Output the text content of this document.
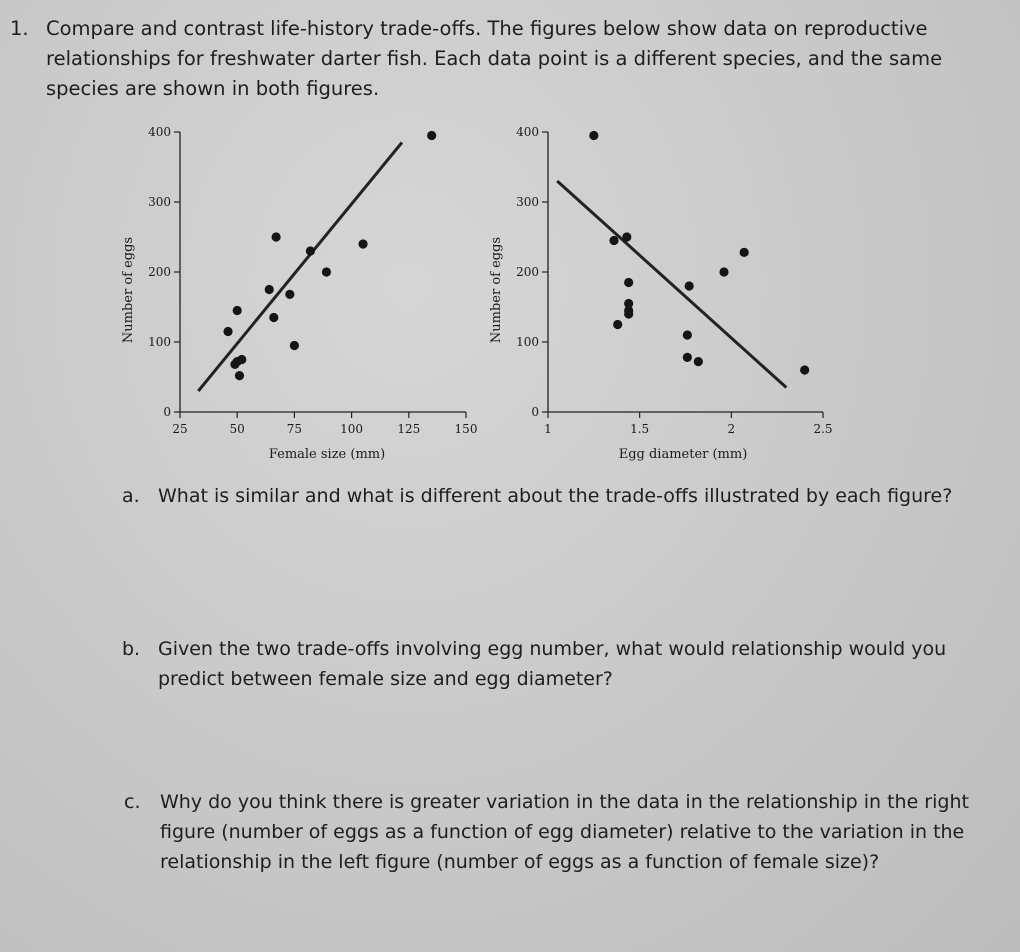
1. Compare and contrast life-history trade-offs. The figures below show data on reproductive relationships for freshwater darter fish. Each data point is a different species, and the same species are shown in both figures.
Number of eggs
0
100
200
300
400
25	50	75	100	125	150
Female size (mm)
Number of eggs
0
100
200
300
400
1	1.5	2	2.5
Egg diameter (mm)
a. What is similar and what is different about the trade-offs illustrated by each figure?
b. Given the two trade-offs involving egg number, what would relationship would you predict between female size and egg diameter?
c. Why do you think there is greater variation in the data in the relationship in the right figure (number of eggs as a function of egg diameter) relative to the variation in the relationship in the left figure (number of eggs as a function of female size)?
